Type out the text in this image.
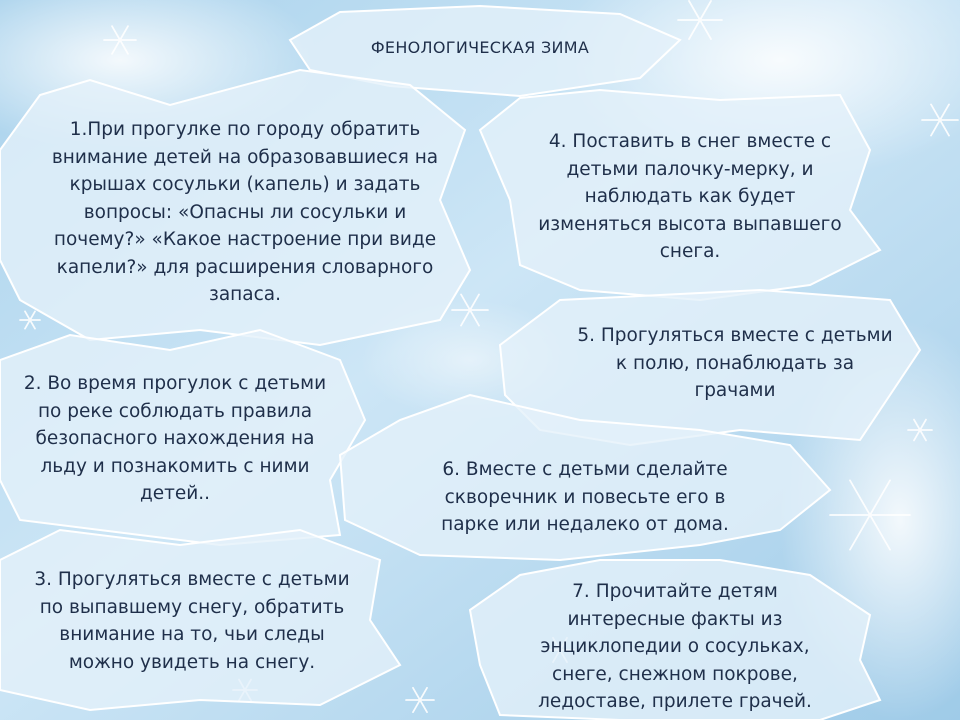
ФЕНОЛОГИЧЕСКАЯ ЗИМА
1.При прогулке по городу обратить
внимание детей на образовавшиеся на
крышах сосульки (капель) и задать
вопросы: «Опасны ли сосульки и
почему?» «Какое настроение при виде
капели?» для расширения словарного
запаса.
2. Во время прогулок с детьми
по реке соблюдать правила
безопасного нахождения на
льду и познакомить с ними
детей..
3. Прогуляться вместе с детьми
по выпавшему снегу, обратить
внимание на то, чьи следы
можно увидеть на снегу.
4. Поставить в снег вместе с
детьми палочку-мерку, и
наблюдать как будет
изменяться высота выпавшего
снега.
5. Прогуляться вместе с детьми
к полю, понаблюдать за
грачами
6. Вместе с детьми сделайте
скворечник и повесьте его в
парке или недалеко от дома.
7. Прочитайте детям
интересные факты из
энциклопедии о сосульках,
снеге, снежном покрове,
ледоставе, прилете грачей.
